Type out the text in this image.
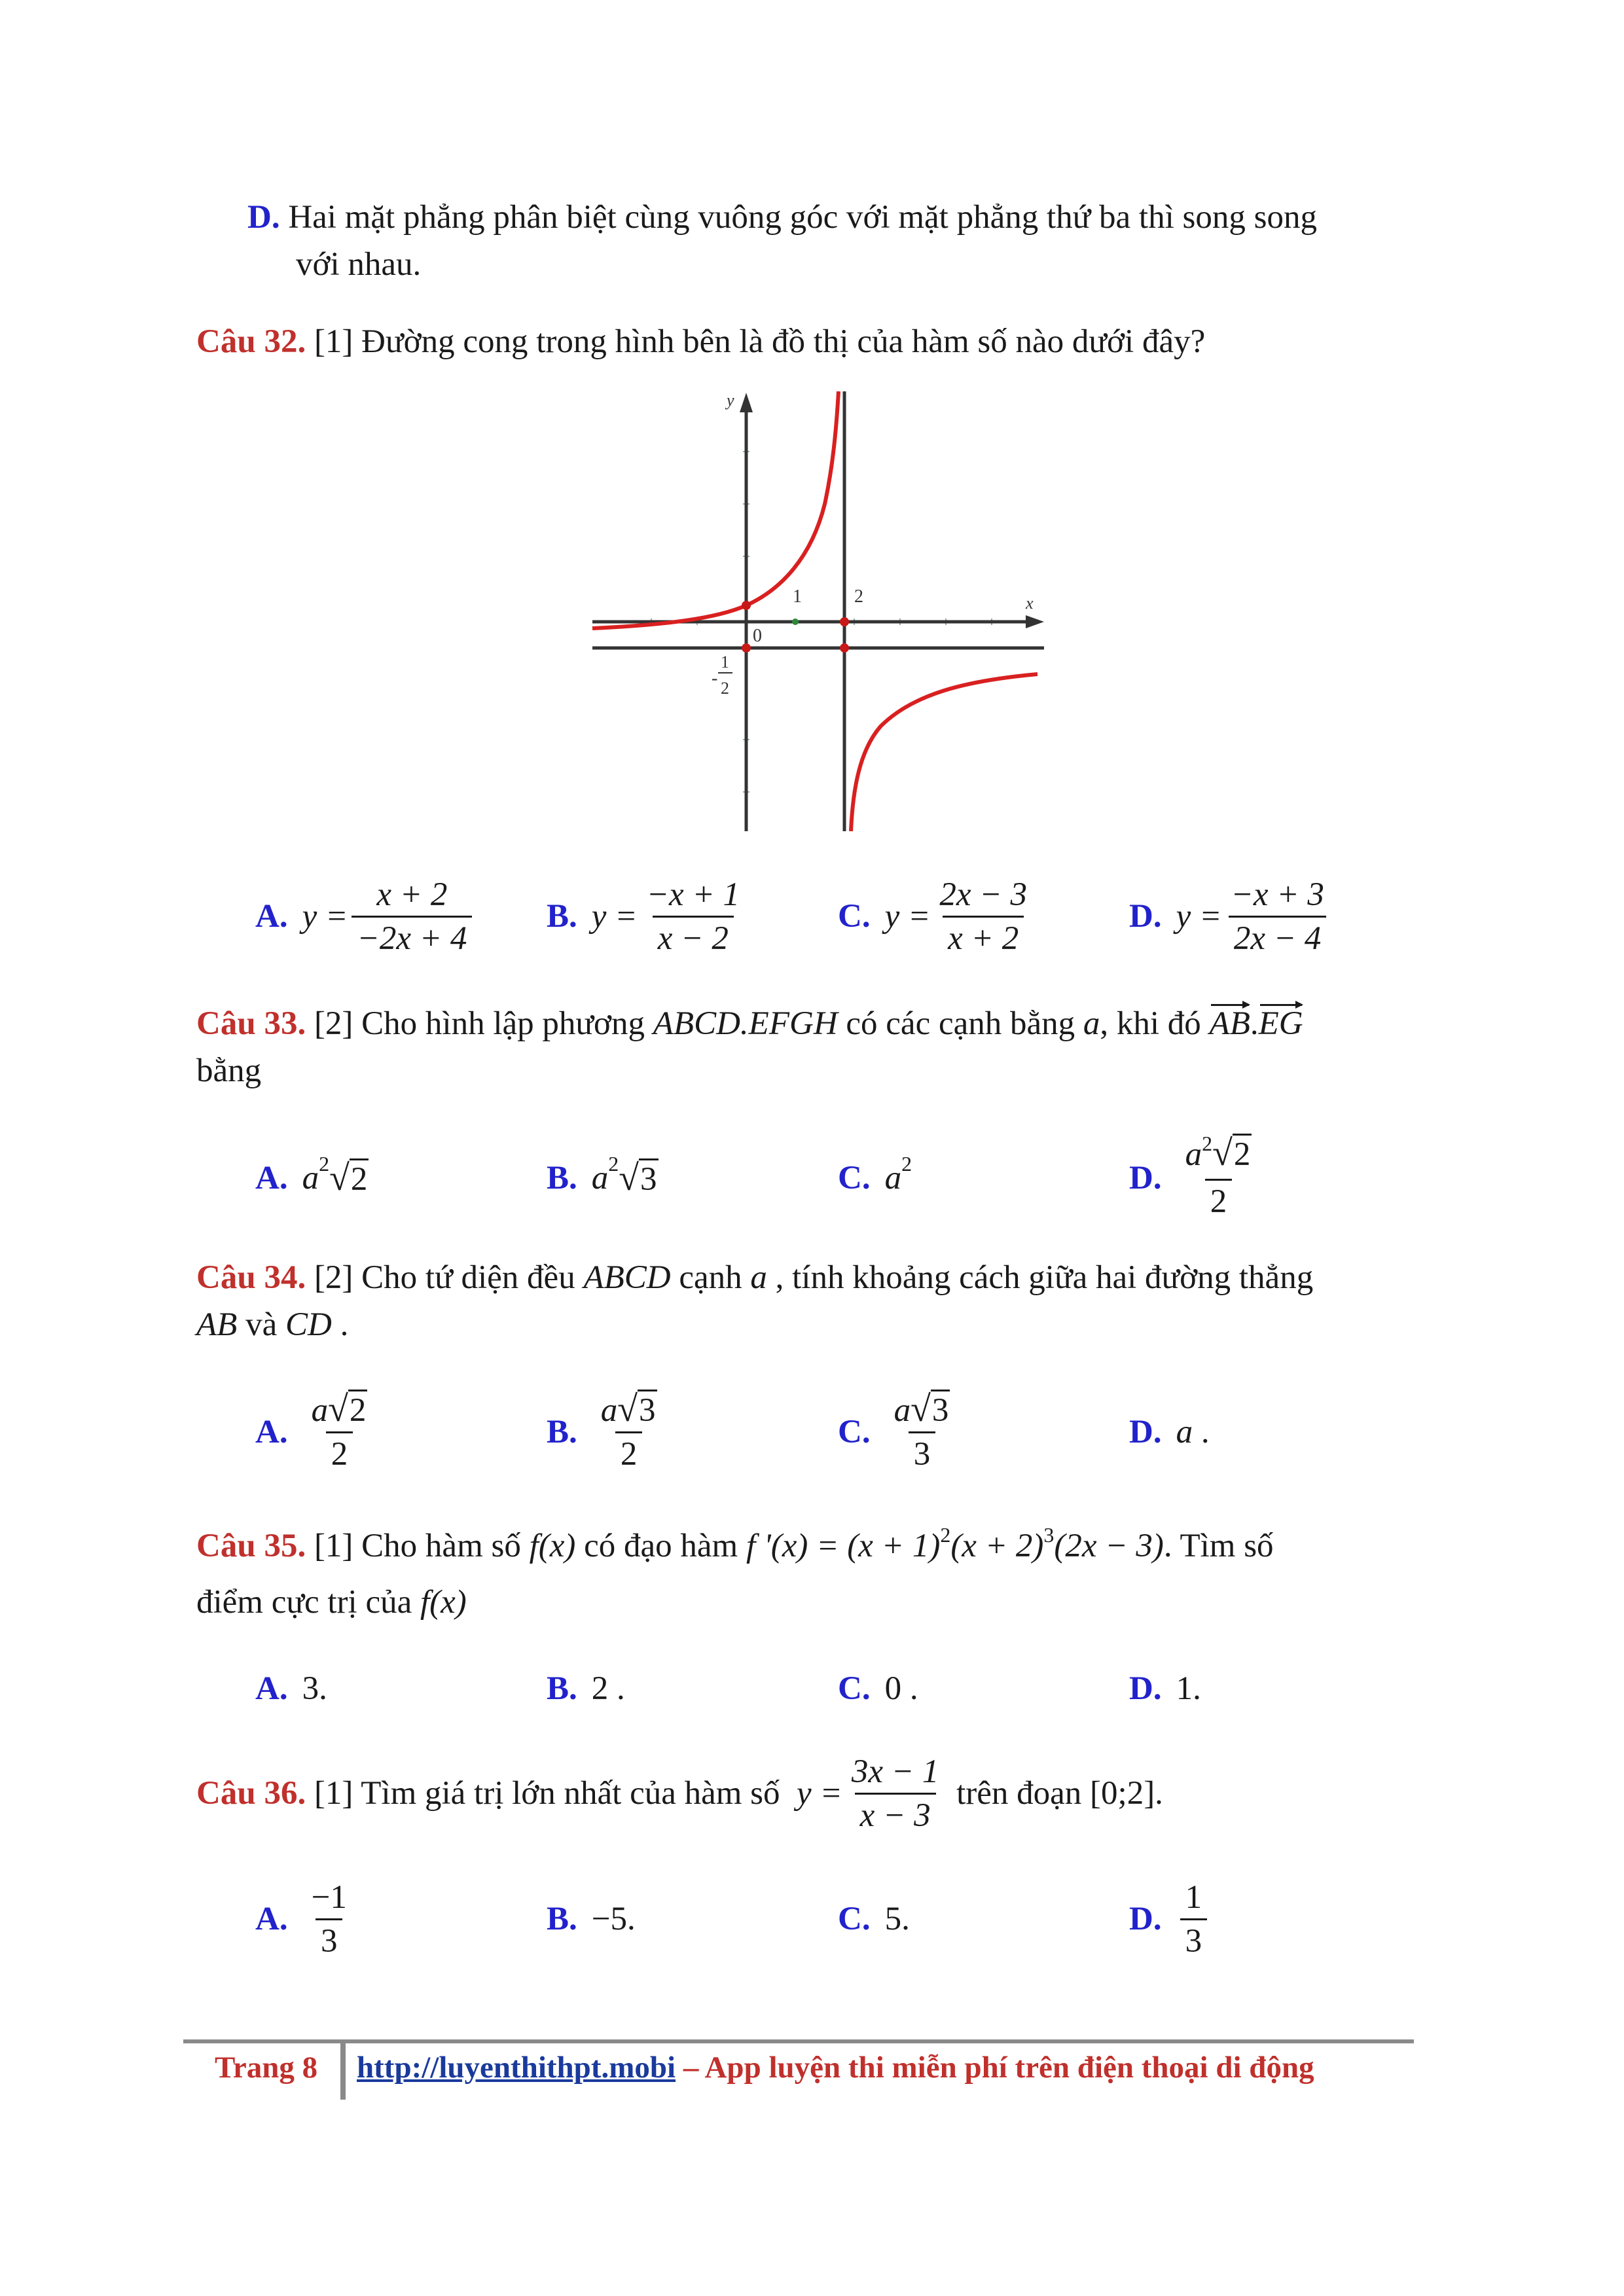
D. Hai mặt phẳng phân biệt cùng vuông góc với mặt phẳng thứ ba thì song song
với nhau.
Câu 32. [1] Đường cong trong hình bên là đồ thị của hàm số nào dưới đây?
y
x
0
1	2
-
1
2
A. $y = \frac{x + 2}{-2x + 4} B$. $y = \frac{-x + 1}{x - 2}$	C. $y = \frac{2x - 3}{x + 2}$	D. $y = \frac{-x + 3}{2x - 4}$
Câu 33. [2] Cho hình lập phương ABCD.EFGH có các cạnh bằng a, khi đó AB.EG
bằng
A. a 2 √ 2	B. a 2 √ 3	C. a 2	D. $\frac{a^2 √ 2}{2}$
Câu 34. [2] Cho tứ diện đều ABCD cạnh a , tính khoảng cách giữa hai đường thẳng
AB và CD .
A. $\frac{a √ 2}{2}$	B. $\frac{a √ 3}{2}$	C. $\frac{a √ 3}{3}$	D. a
.
Câu 35. [1] Cho hàm số f(x) có đạo hàm f '$(x) = (x + 1)^2(x + 2)^3(2x - 3)$. Tìm số
điểm cực trị của f(x)
A. 3.	B. 2 .	C. 0 .	D. 1.
Câu 36.
[1] Tìm giá trị lớn nhất của hàm số
$y = \frac{3x - 1}{x - 3}$
trên đoạn [0;2].
A. $\frac{-1}{3}$	B. −5.	C. 5.	D. $\frac{1}{3}$
Trang 8 http://luyenthithpt.mobi – App luyện thi miễn phí trên điện thoại di động
